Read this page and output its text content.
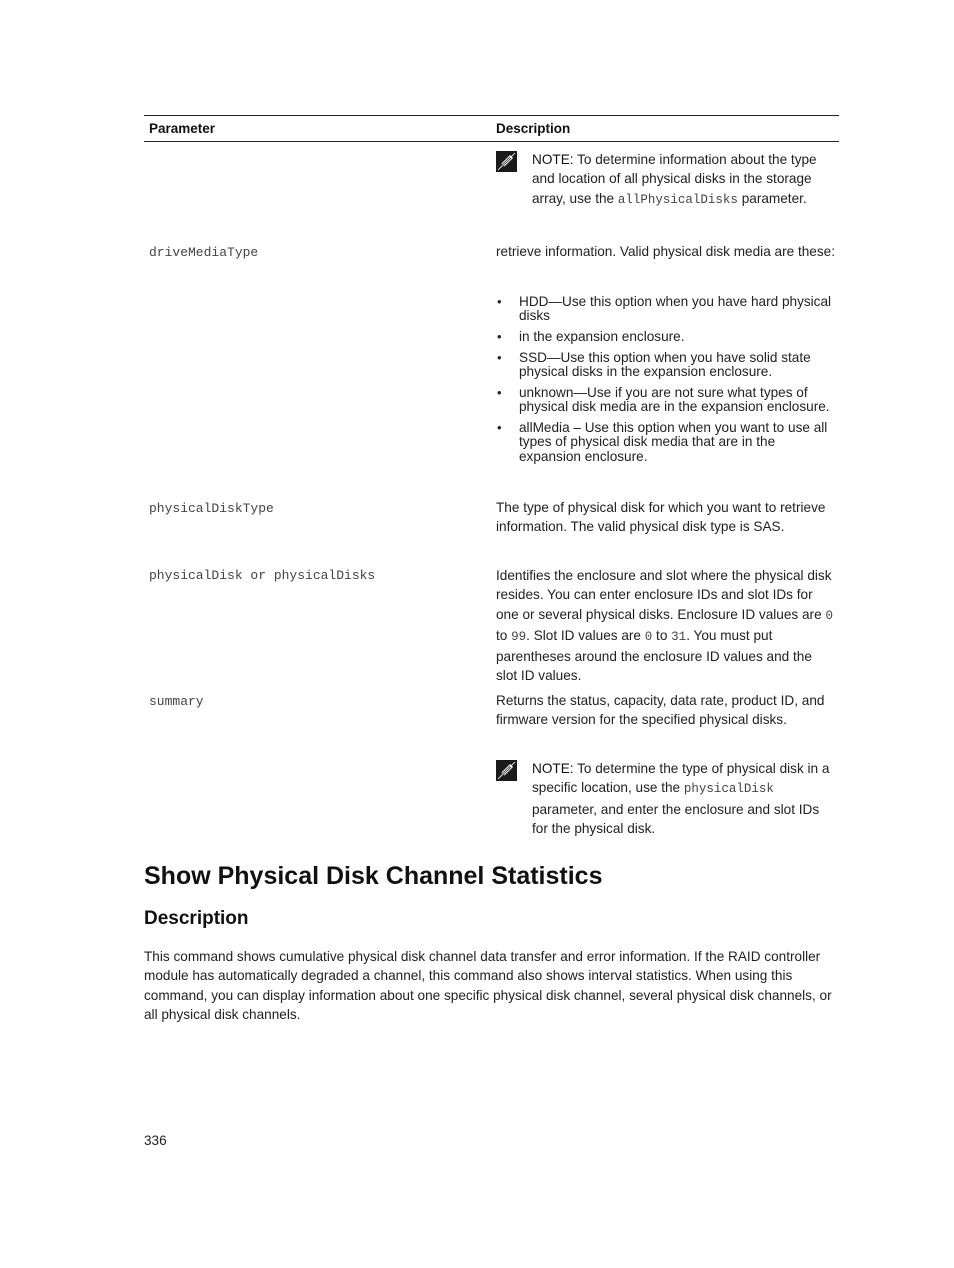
Parameter	Description
NOTE: To determine information about the type and location of all physical disks in the storage array, use the allPhysicalDisks parameter.
driveMediaType	retrieve information. Valid physical disk media are these:
• HDD—Use this option when you have hard physical disks
• in the expansion enclosure.
• SSD—Use this option when you have solid state physical disks in the expansion enclosure.
• unknown—Use if you are not sure what types of physical disk media are in the expansion enclosure.
• allMedia – Use this option when you want to use all types of physical disk media that are in the expansion enclosure.
physicalDiskType	The type of physical disk for which you want to retrieve information. The valid physical disk type is SAS.
physicalDisk or physicalDisks	Identifies the enclosure and slot where the physical disk resides. You can enter enclosure IDs and slot IDs for one or several physical disks. Enclosure ID values are 0 to 99. Slot ID values are 0 to 31. You must put parentheses around the enclosure ID values and the slot ID values.
summary	Returns the status, capacity, data rate, product ID, and firmware version for the specified physical disks.
NOTE: To determine the type of physical disk in a specific location, use the physicalDisk parameter, and enter the enclosure and slot IDs for the physical disk.
Show Physical Disk Channel Statistics
Description
This command shows cumulative physical disk channel data transfer and error information. If the RAID controller module has automatically degraded a channel, this command also shows interval statistics. When using this command, you can display information about one specific physical disk channel, several physical disk channels, or all physical disk channels.
336
